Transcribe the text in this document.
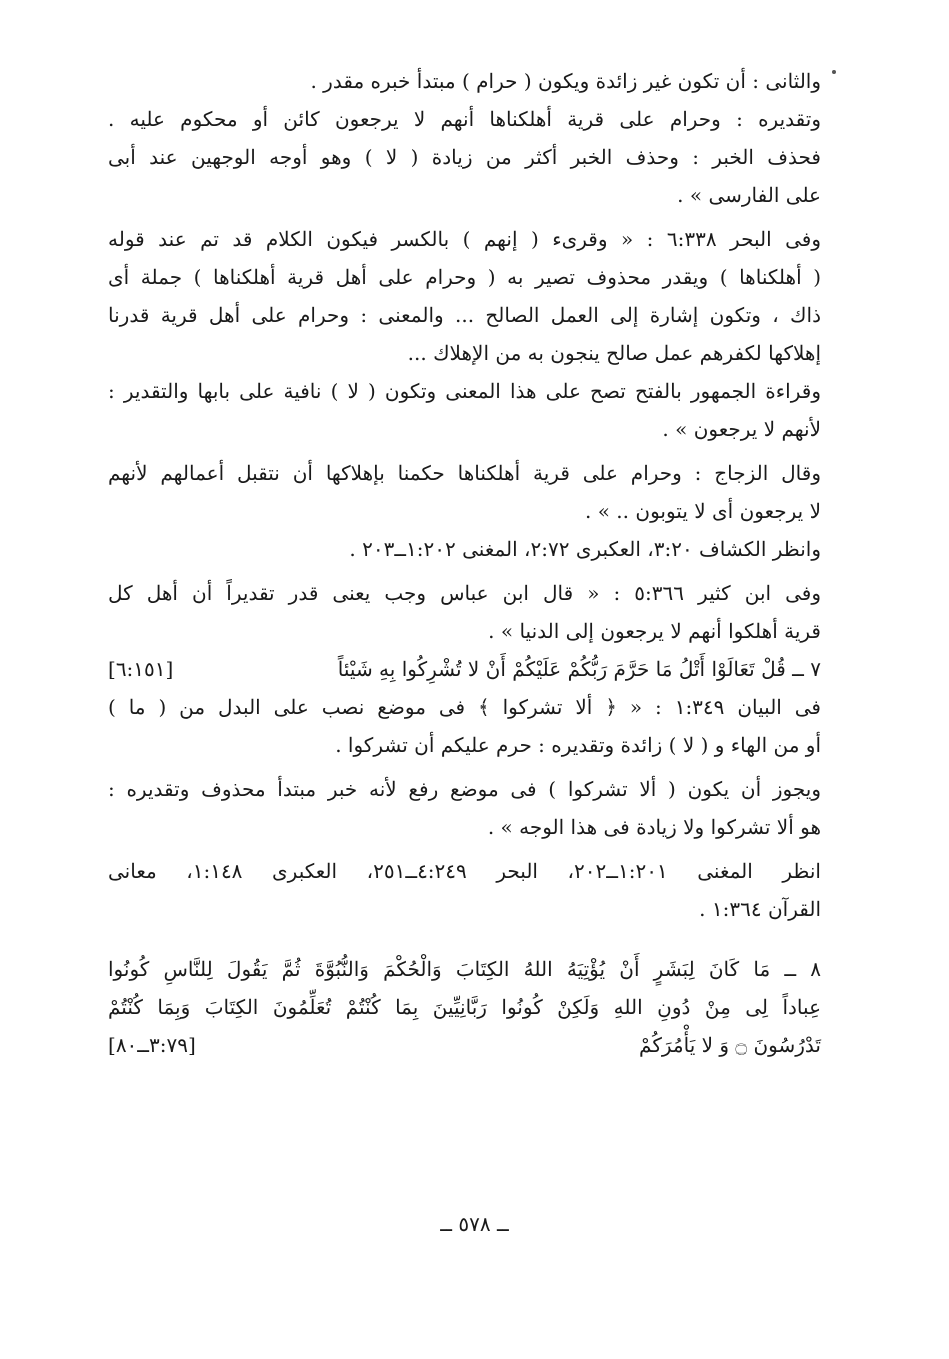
والثانى : أن تكون غير زائدة ويكون ( حرام ) مبتدأ خبره مقدر .
وتقديره : وحرام على قرية أهلكناها أنهم لا يرجعون كائن أو محكوم عليه .
فحذف الخبر : وحذف الخبر أكثر من زيادة ( لا ) وهو أوجه الوجهين عند أبى
على الفارسى » .
وفى البحر ٦:٣٣٨ : « وقرىء ( إنهم ) بالكسر فيكون الكلام قد تم عند قوله
( أهلكناها ) ويقدر محذوف تصير به ( وحرام على أهل قرية أهلكناها ) جملة أى
ذاك ، وتكون إشارة إلى العمل الصالح ... والمعنى : وحرام على أهل قرية قدرنا
إهلاكها لكفرهم عمل صالح ينجون به من الإهلاك ...
وقراءة الجمهور بالفتح تصح على هذا المعنى وتكون ( لا ) نافية على بابها والتقدير :
لأنهم لا يرجعون » .
وقال الزجاج : وحرام على قرية أهلكناها حكمنا بإهلاكها أن نتقبل أعمالهم لأنهم
لا يرجعون أى لا يتوبون .. » .
وانظر الكشاف ٣:٢٠، العكبرى ٢:٧٢، المغنى ١:٢٠٢ــ٢٠٣ .
وفى ابن كثير ٥:٣٦٦ : « قال ابن عباس وجب يعنى قدر تقديراً أن أهل كل
قرية أهلكوا أنهم لا يرجعون إلى الدنيا » .
٧ ــ قُلْ تَعَالَوْا أَتْلُ مَا حَرَّمَ رَبُّكُمْ عَلَيْكُمْ أَنْ لا تُشْرِكُوا بِهِ شَيْئاً
[٦:١٥١]
فى البيان ١:٣٤٩ : « ﴿ ألا تشركوا ﴾ فى موضع نصب على البدل من ( ما )
أو من الهاء و ( لا ) زائدة وتقديره : حرم عليكم أن تشركوا .
ويجوز أن يكون ( ألا تشركوا ) فى موضع رفع لأنه خبر مبتدأ محذوف وتقديره :
هو ألا تشركوا ولا زيادة فى هذا الوجه » .
انظر المغنى ١:٢٠١ــ٢٠٢، البحر ٤:٢٤٩ــ٢٥١، العكبرى ١:١٤٨، معانى
القرآن ١:٣٦٤ .
٨ ــ مَا كَانَ لِبَشَرٍ أَنْ يُؤْتِيَهُ اللهُ الكِتَابَ وَالْحُكْمَ وَالنُّبُوَّةَ ثُمَّ يَقُولَ لِلنَّاسِ كُونُوا
عِباداً لِى مِنْ دُونِ اللهِ وَلَكِنْ كُونُوا رَبَّانِيِّينَ بِمَا كُنْتُمْ تُعَلِّمُونَ الكِتَابَ وَبِمَا كُنْتُمْ
تَدْرُسُونَ ۝ وَ لا يَأْمُرَكُمْ
[٣:٧٩ــ٨٠]
ــ ٥٧٨ ــ
